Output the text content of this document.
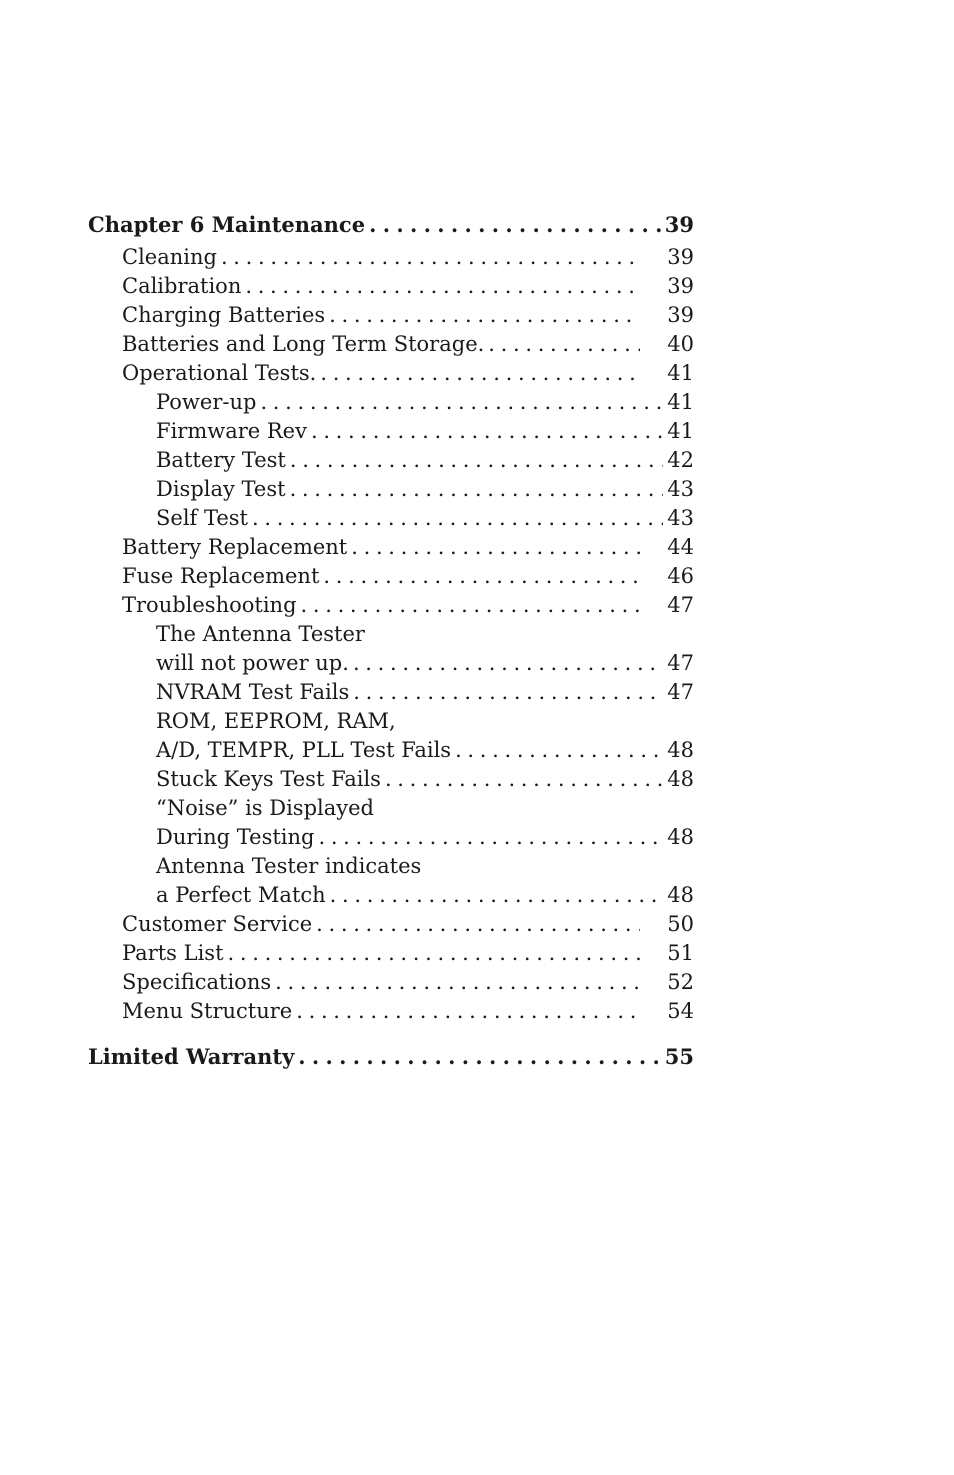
Chapter 6 Maintenance . . .	39
Cleaning . . .	39
Calibration . . .	39
Charging Batteries . . .	39
Batteries and Long Term Storage. . . .	40
Operational Tests. . . .	41
Power-up . . .	41
Firmware Rev . . .	41
Battery Test . . .	42
Display Test . . .	43
Self Test . . .	43
Battery Replacement . . .	44
Fuse Replacement . . .	46
Troubleshooting . . .	47
The Antenna Tester
will not power up. . . .	47
NVRAM Test Fails . . .	47
ROM, EEPROM, RAM,
A/D, TEMPR, PLL Test Fails . . .	48
Stuck Keys Test Fails . . .	48
“Noise” is Displayed
During Testing . . .	48
Antenna Tester indicates
a Perfect Match . . .	48
Customer Service . . .	50
Parts List . . .	51
Specifications . . .	52
Menu Structure . . .	54
Limited Warranty . . .	55
